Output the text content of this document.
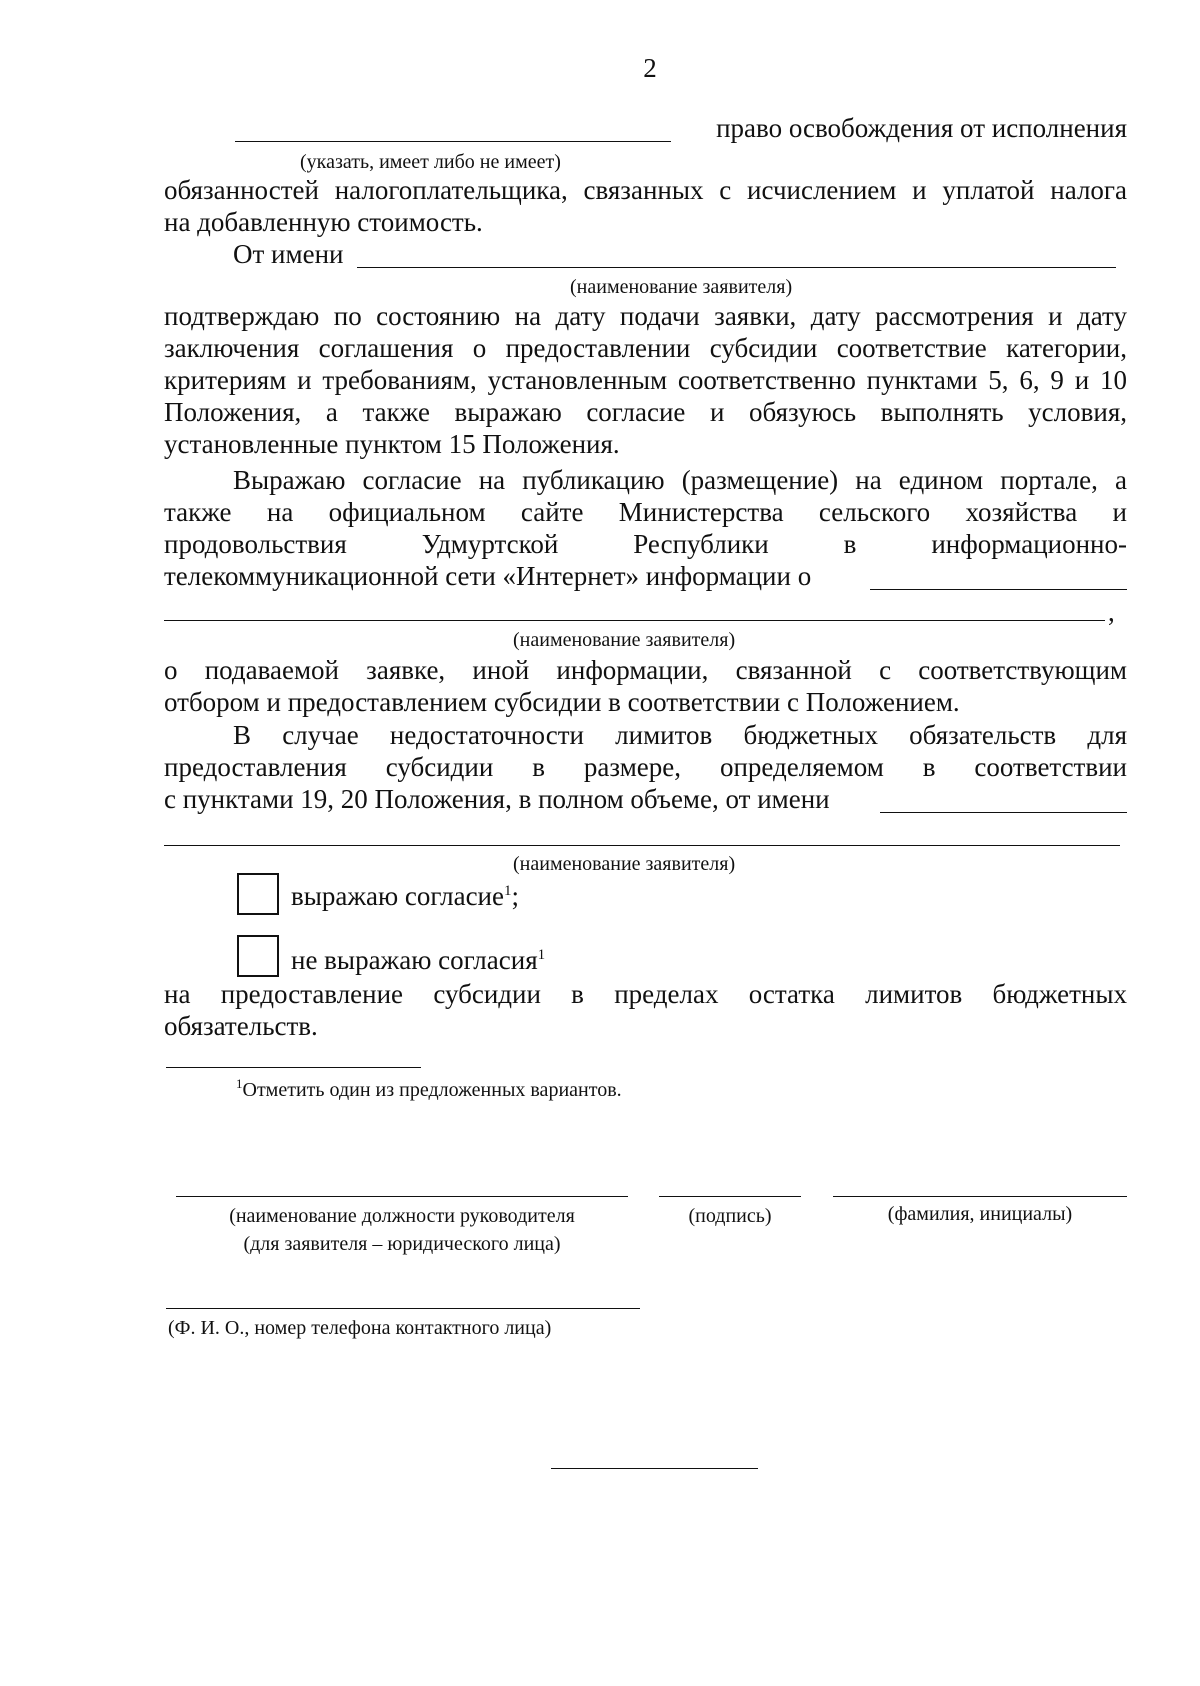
2
право освобождения от исполнения
(указать, имеет либо не имеет)
обязанностей налогоплательщика, связанных с исчислением и уплатой налога
на добавленную стоимость.
От имени
(наименование заявителя)
подтверждаю по состоянию на дату подачи заявки, дату рассмотрения и дату
заключения соглашения о предоставлении субсидии соответствие категории,
критериям и требованиям, установленным соответственно пунктами 5, 6, 9 и 10
Положения, а также выражаю согласие и обязуюсь выполнять условия,
установленные пунктом 15 Положения.
Выражаю согласие на публикацию (размещение) на едином портале, а
также на официальном сайте Министерства сельского хозяйства и
продовольствия Удмуртской Республики в информационно-
телекоммуникационной сети «Интернет» информации о
,
(наименование заявителя)
о подаваемой заявке, иной информации, связанной с соответствующим
отбором и предоставлением субсидии в соответствии с Положением.
В случае недостаточности лимитов бюджетных обязательств для
предоставления субсидии в размере, определяемом в соответствии
с пунктами 19, 20 Положения, в полном объеме, от имени
(наименование заявителя)
выражаю согласие$^1$;
не выражаю согласия$^1$
на предоставление субсидии в пределах остатка лимитов бюджетных
обязательств.
$^1$Отметить один из предложенных вариантов.
(наименование должности руководителя
(для заявителя – юридического лица)
(подпись)	(фамилия, инициалы)
(Ф. И. О., номер телефона контактного лица)
